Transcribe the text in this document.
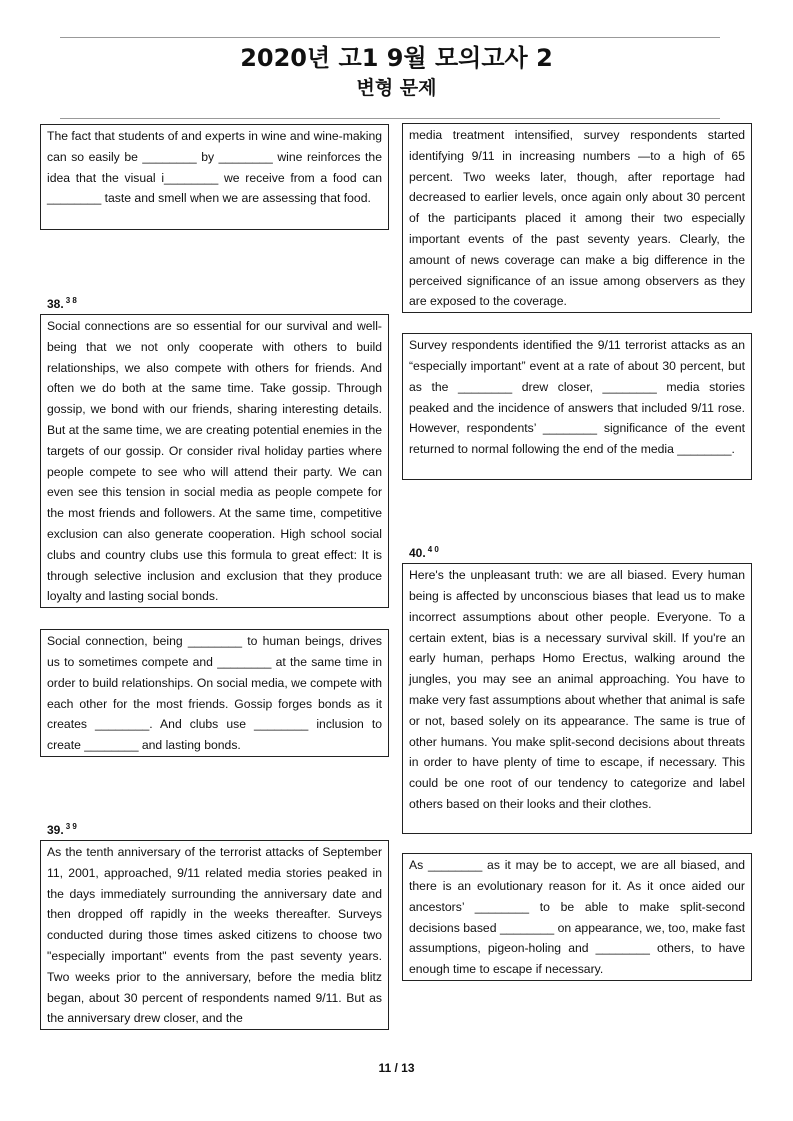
2020년 고1 9월 모의고사 2
변형 문제
The fact that students of and experts in wine and wine-making can so easily be ________ by ________ wine reinforces the idea that the visual i________ we receive from a food can ________ taste and smell when we are assessing that food.
38. $^{3 8}$
Social connections are so essential for our survival and well-being that we not only cooperate with others to build relationships, we also compete with others for friends. And often we do both at the same time. Take gossip. Through gossip, we bond with our friends, sharing interesting details. But at the same time, we are creating potential enemies in the targets of our gossip. Or consider rival holiday parties where people compete to see who will attend their party. We can even see this tension in social media as people compete for the most friends and followers. At the same time, competitive exclusion can also generate cooperation. High school social clubs and country clubs use this formula to great effect: It is through selective inclusion and exclusion that they produce loyalty and lasting social bonds.
Social connection, being ________ to human beings, drives us to sometimes compete and ________ at the same time in order to build relationships. On social media, we compete with each other for the most friends. Gossip forges bonds as it creates ________. And clubs use ________ inclusion to create ________ and lasting bonds.
39. $^{3 9}$
As the tenth anniversary of the terrorist attacks of September 11, 2001, approached, 9/11 related media stories peaked in the days immediately surrounding the anniversary date and then dropped off rapidly in the weeks thereafter. Surveys conducted during those times asked citizens to choose two "especially important" events from the past seventy years. Two weeks prior to the anniversary, before the media blitz began, about 30 percent of respondents named 9/11. But as the anniversary drew closer, and the
media treatment intensified, survey respondents started identifying 9/11 in increasing numbers —to a high of 65 percent. Two weeks later, though, after reportage had decreased to earlier levels, once again only about 30 percent of the participants placed it among their two especially important events of the past seventy years. Clearly, the amount of news coverage can make a big difference in the perceived significance of an issue among observers as they are exposed to the coverage.
Survey respondents identified the 9/11 terrorist attacks as an “especially important” event at a rate of about 30 percent, but as the ________ drew closer, ________ media stories peaked and the incidence of answers that included 9/11 rose. However, respondents’ ________ significance of the event returned to normal following the end of the media ________.
40. $^{4 0}$
Here's the unpleasant truth: we are all biased. Every human being is affected by unconscious biases that lead us to make incorrect assumptions about other people. Everyone. To a certain extent, bias is a necessary survival skill. If you're an early human, perhaps Homo Erectus, walking around the jungles, you may see an animal approaching. You have to make very fast assumptions about whether that animal is safe or not, based solely on its appearance. The same is true of other humans. You make split-second decisions about threats in order to have plenty of time to escape, if necessary. This could be one root of our tendency to categorize and label others based on their looks and their clothes.
As ________ as it may be to accept, we are all biased, and there is an evolutionary reason for it. As it once aided our ancestors’ ________ to be able to make split-second decisions based ________ on appearance, we, too, make fast assumptions, pigeon-holing and ________ others, to have enough time to escape if necessary.
11 / 13
